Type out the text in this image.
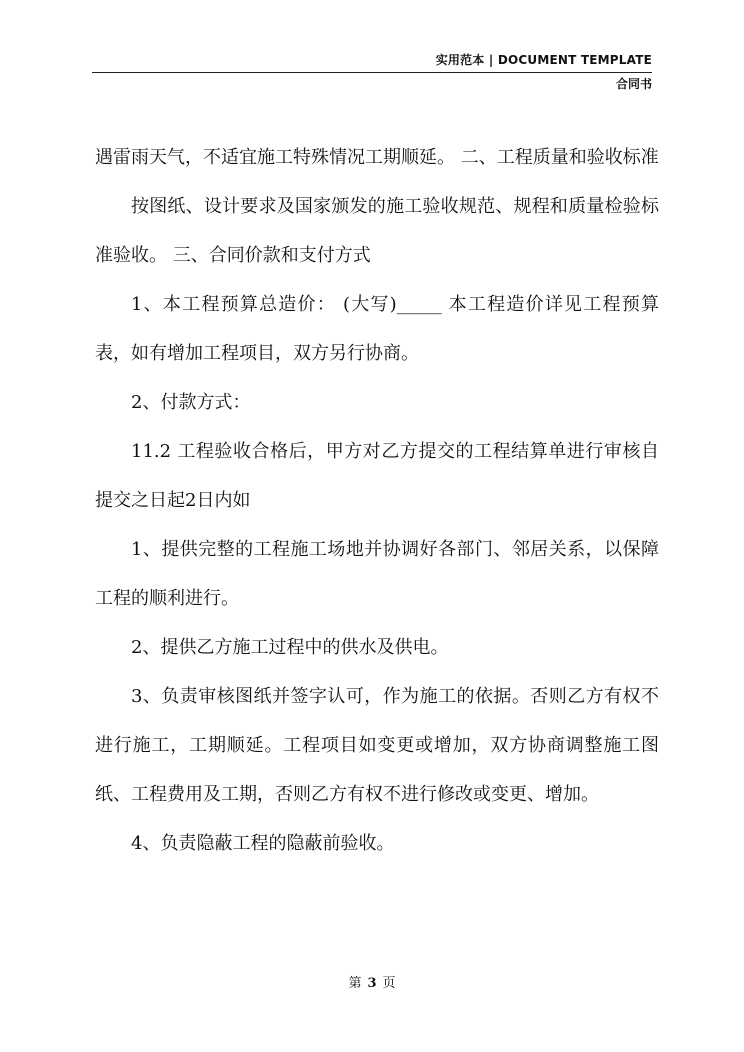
实用范本 | DOCUMENT TEMPLATE
合同书

遇雷雨天气，不适宜施工特殊情况工期顺延。 二、工程质量和验收标准

按图纸、设计要求及国家颁发的施工验收规范、规程和质量检验标准验收。 三、合同价款和支付方式

1、本工程预算总造价： (大写)_____ 本工程造价详见工程预算表，如有增加工程项目，双方另行协商。

2、付款方式：

11.2 工程验收合格后，甲方对乙方提交的工程结算单进行审核自提交之日起2日内如

1、提供完整的工程施工场地并协调好各部门、邻居关系，以保障工程的顺利进行。

2、提供乙方施工过程中的供水及供电。

3、负责审核图纸并签字认可，作为施工的依据。否则乙方有权不进行施工，工期顺延。工程项目如变更或增加，双方协商调整施工图纸、工程费用及工期，否则乙方有权不进行修改或变更、增加。

4、负责隐蔽工程的隐蔽前验收。

第 3 页
